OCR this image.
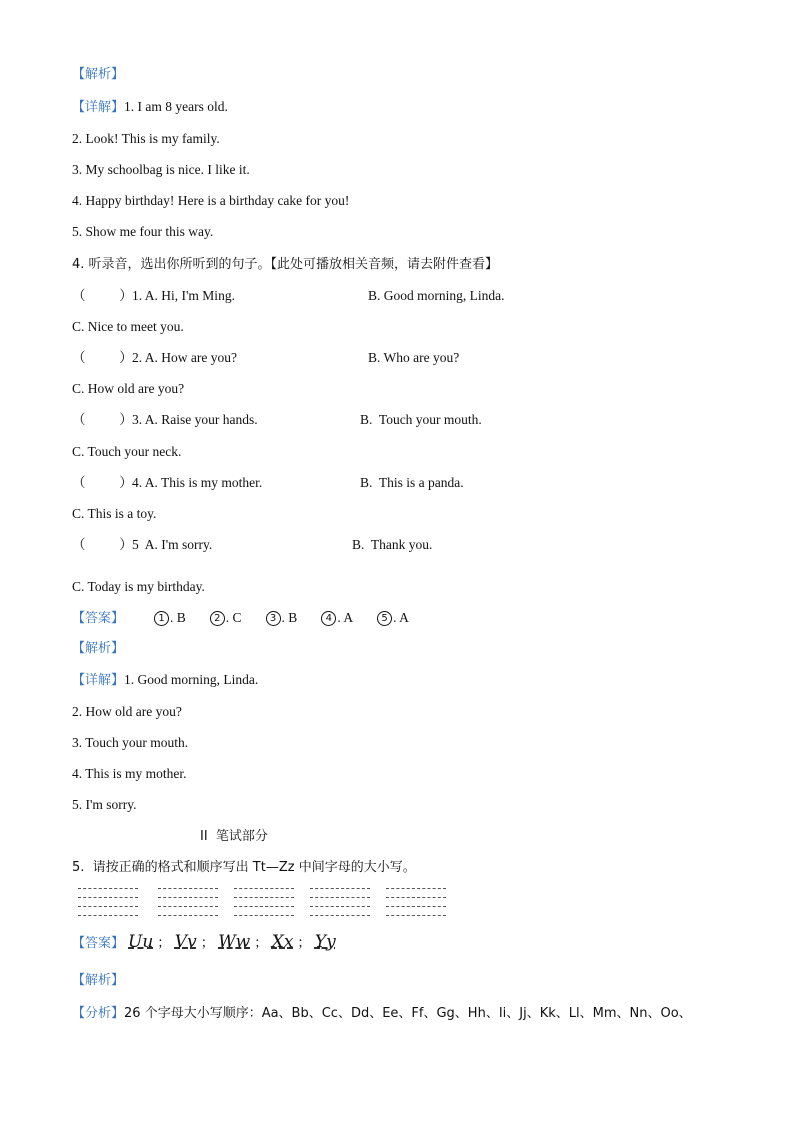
【解析】
【详解】1. I am 8 years old.
2. Look! This is my family.
3. My schoolbag is nice. I like it.
4. Happy birthday! Here is a birthday cake for you!
5. Show me four this way.
4. 听录音，选出你所听到的句子。【此处可播放相关音频，请去附件查看】
（          ）1. A. Hi, I'm Ming.	B. Good morning, Linda.
C. Nice to meet you.
（          ）2. A. How are you?	B. Who are you?
C. How old are you?
（          ）3. A. Raise your hands.	B.  Touch your mouth.
C. Touch your neck.
（          ）4. A. This is my mother.	B.  This is a panda.
C. This is a toy.
（          ）5  A. I'm sorry.	B.  Thank you.
C. Today is my birthday.
【答案】	1 . B	2 . C	3 . B	4 . A	5 . A
【解析】
【详解】1. Good morning, Linda.
2. How old are you?
3. Touch your mouth.
4. This is my mother.
5. I'm sorry.
II  笔试部分
5.  请按正确的格式和顺序写出 Tt—Zz 中间字母的大小写。
【答案】 Uu ； Vv ； Ww ； Xx ； Yy
【解析】
【分析】26 个字母大小写顺序：Aa、Bb、Cc、Dd、Ee、Ff、Gg、Hh、Ii、Jj、Kk、Ll、Mm、Nn、Oo、
